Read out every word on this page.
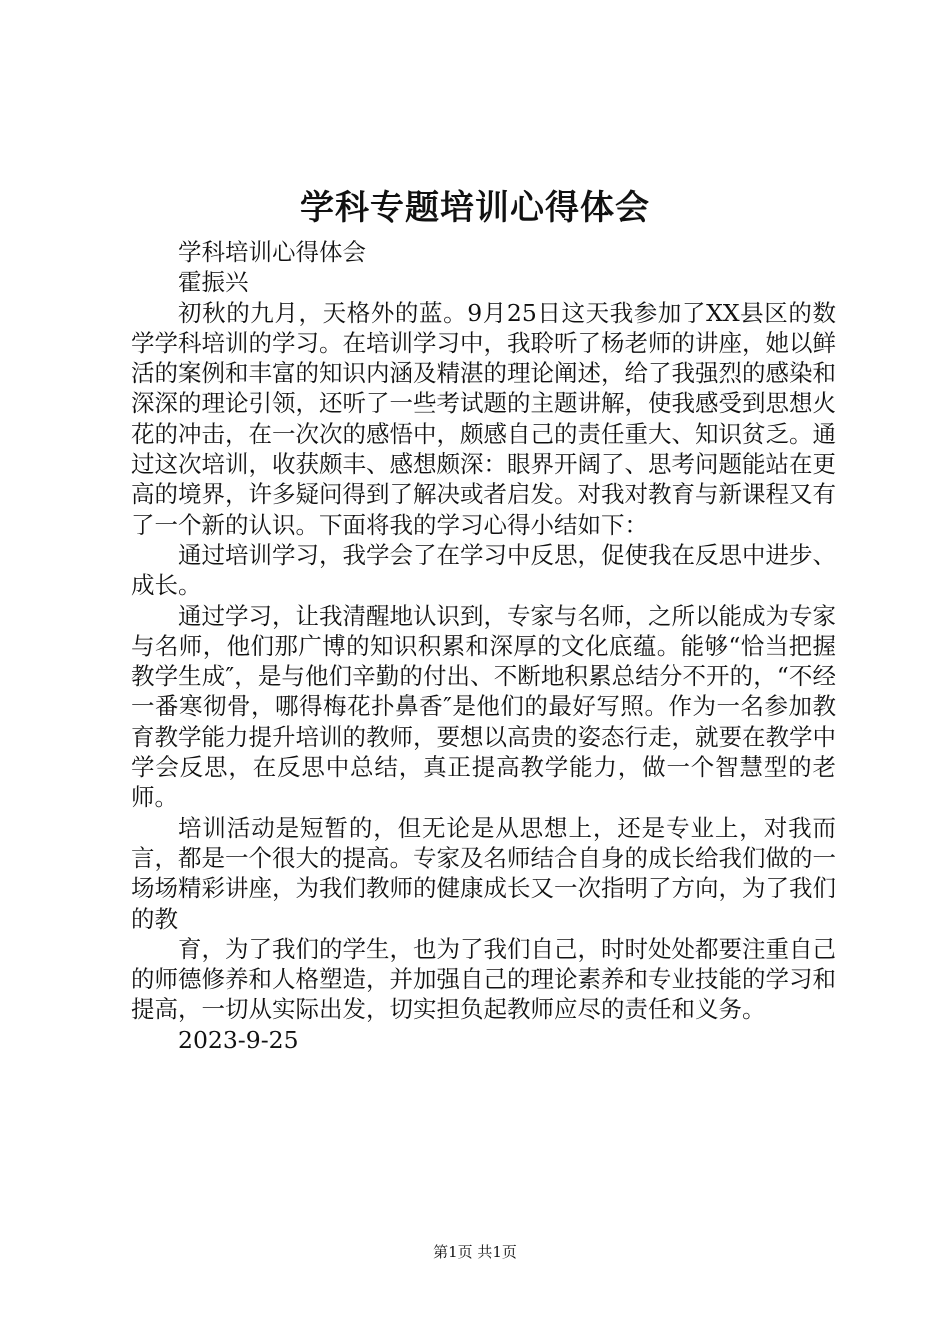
学科专题培训心得体会

学科培训心得体会

霍振兴

初秋的九月，天格外的蓝。9月25日这天我参加了XX县区的数学学科培训的学习。在培训学习中，我聆听了杨老师的讲座，她以鲜活的案例和丰富的知识内涵及精湛的理论阐述，给了我强烈的感染和深深的理论引领，还听了一些考试题的主题讲解，使我感受到思想火花的冲击，在一次次的感悟中，颇感自己的责任重大、知识贫乏。通过这次培训，收获颇丰、感想颇深：眼界开阔了、思考问题能站在更高的境界，许多疑问得到了解决或者启发。对我对教育与新课程又有了一个新的认识。下面将我的学习心得小结如下：

通过培训学习，我学会了在学习中反思，促使我在反思中进步、成长。

通过学习，让我清醒地认识到，专家与名师，之所以能成为专家与名师，他们那广博的知识积累和深厚的文化底蕴。能够“恰当把握教学生成″，是与他们辛勤的付出、不断地积累总结分不开的，“不经一番寒彻骨，哪得梅花扑鼻香″是他们的最好写照。作为一名参加教育教学能力提升培训的教师，要想以高贵的姿态行走，就要在教学中学会反思，在反思中总结，真正提高教学能力，做一个智慧型的老师。

培训活动是短暂的，但无论是从思想上，还是专业上，对我而言，都是一个很大的提高。专家及名师结合自身的成长给我们做的一场场精彩讲座，为我们教师的健康成长又一次指明了方向，为了我们的教

育，为了我们的学生，也为了我们自己，时时处处都要注重自己的师德修养和人格塑造，并加强自己的理论素养和专业技能的学习和提高，一切从实际出发，切实担负起教师应尽的责任和义务。

2023-9-25

第1页 共1页
